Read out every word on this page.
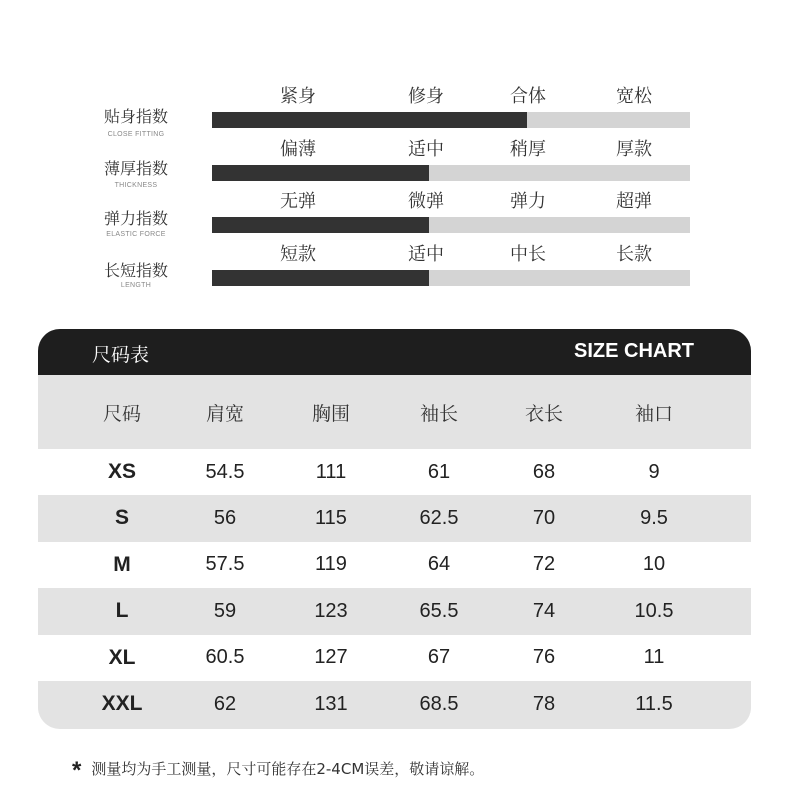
贴身指数
CLOSE FITTING
紧身	修身	合体	宽松
薄厚指数
THICKNESS
偏薄	适中	稍厚	厚款
弹力指数
ELASTIC FORCE
无弹	微弹	弹力	超弹
长短指数
LENGTH
短款	适中	中长	长款
尺码表	SIZE CHART
尺码	肩宽	胸围	袖长	衣长	袖口
XS	54.5	111	61	68	9
S	56	115	62.5	70	9.5
M	57.5	119	64	72	10
L	59	123	65.5	74	10.5
XL	60.5	127	67	76	11
XXL	62	131	68.5	78	11.5
* 测量均为手工测量，尺寸可能存在2-4CM误差，敬请谅解。
